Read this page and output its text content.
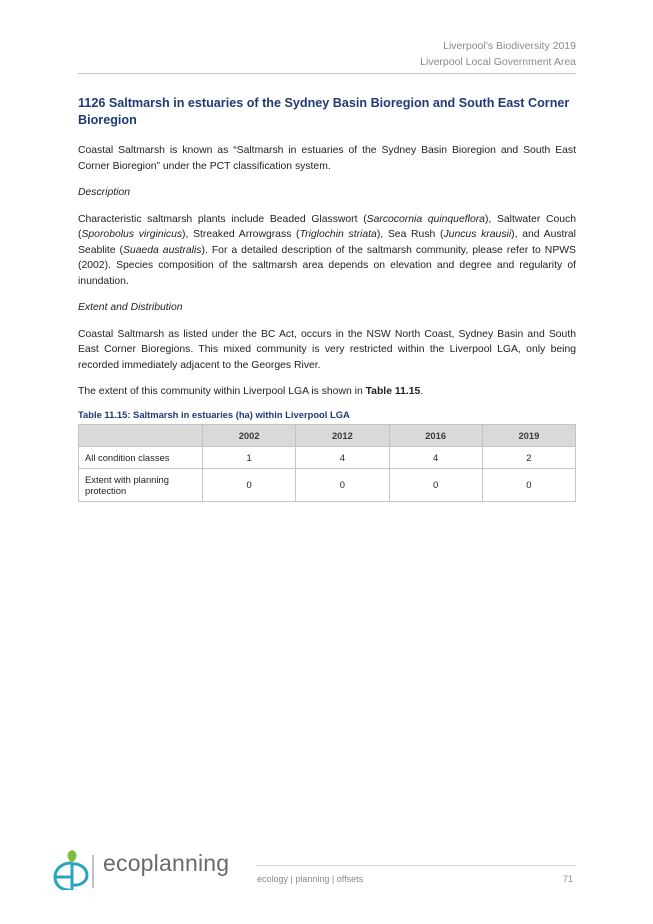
Liverpool’s Biodiversity 2019
Liverpool Local Government Area
1126 Saltmarsh in estuaries of the Sydney Basin Bioregion and South East Corner Bioregion

Coastal Saltmarsh is known as “Saltmarsh in estuaries of the Sydney Basin Bioregion and South East Corner Bioregion” under the PCT classification system.

Description

Characteristic saltmarsh plants include Beaded Glasswort (Sarcocornia quinqueflora), Saltwater Couch (Sporobolus virginicus), Streaked Arrowgrass (Triglochin striata), Sea Rush (Juncus krausii), and Austral Seablite (Suaeda australis). For a detailed description of the saltmarsh community, please refer to NPWS (2002). Species composition of the saltmarsh area depends on elevation and degree and regularity of inundation.

Extent and Distribution

Coastal Saltmarsh as listed under the BC Act, occurs in the NSW North Coast, Sydney Basin and South East Corner Bioregions. This mixed community is very restricted within the Liverpool LGA, only being recorded immediately adjacent to the Georges River.

The extent of this community within Liverpool LGA is shown in Table 11.15.

Table 11.15: Saltmarsh in estuaries (ha) within Liverpool LGA

	2002	2012	2016	2019
All condition classes	1	4	4	2
Extent with planning protection	0	0	0	0
ecoplanning
ecology | planning | offsets	71
